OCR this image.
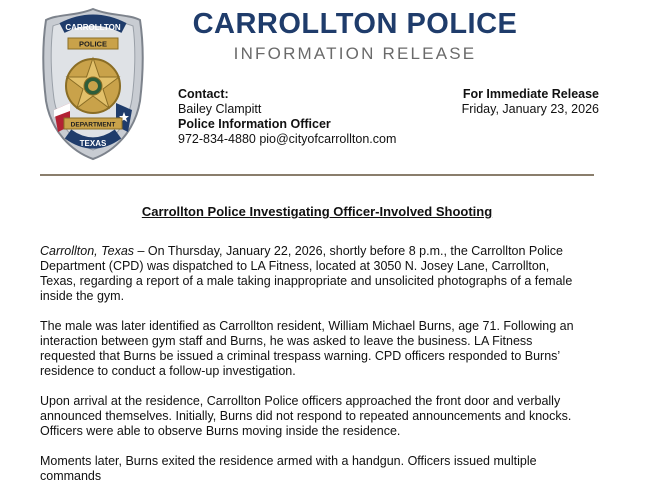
CARROLLTON
POLICE
DEPARTMENT
TEXAS
CARROLLTON POLICE
INFORMATION RELEASE
Contact:
Bailey Clampitt
Police Information Officer
972-834-4880 pio@cityofcarrollton.com
For Immediate Release
Friday, January 23, 2026
Carrollton Police Investigating Officer-Involved Shooting

Carrollton, Texas – On Thursday, January 22, 2026, shortly before 8 p.m., the Carrollton Police Department (CPD) was dispatched to LA Fitness, located at 3050 N. Josey Lane, Carrollton, Texas, regarding a report of a male taking inappropriate and unsolicited photographs of a female inside the gym.

The male was later identified as Carrollton resident, William Michael Burns, age 71. Following an interaction between gym staff and Burns, he was asked to leave the business. LA Fitness requested that Burns be issued a criminal trespass warning. CPD officers responded to Burns’ residence to conduct a follow-up investigation.

Upon arrival at the residence, Carrollton Police officers approached the front door and verbally announced themselves. Initially, Burns did not respond to repeated announcements and knocks. Officers were able to observe Burns moving inside the residence.

Moments later, Burns exited the residence armed with a handgun. Officers issued multiple commands
